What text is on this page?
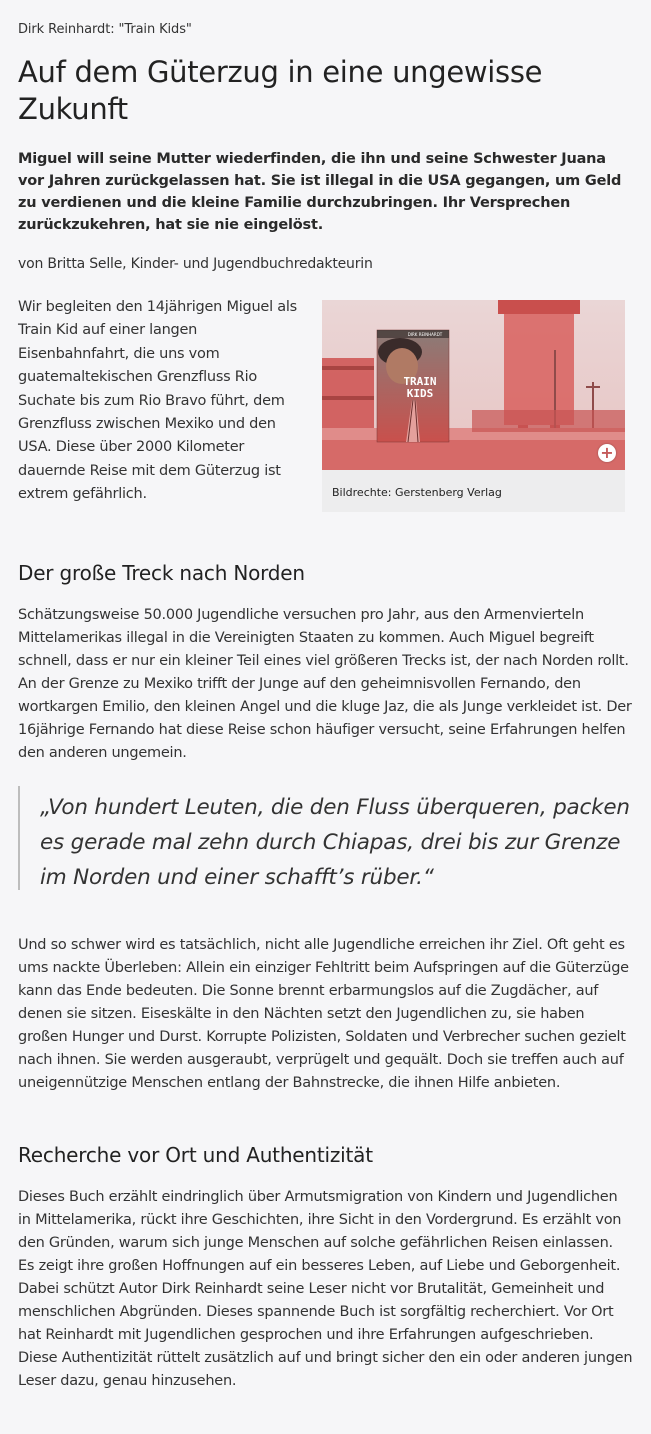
Dirk Reinhardt: "Train Kids"
Auf dem Güterzug in eine ungewisse Zukunft

Miguel will seine Mutter wiederfinden, die ihn und seine Schwester Juana vor Jahren zurückgelassen hat. Sie ist illegal in die USA gegangen, um Geld zu verdienen und die kleine Familie durchzubringen. Ihr Versprechen zurückzukehren, hat sie nie eingelöst.

von Britta Selle, Kinder- und Jugendbuchredakteurin

Wir begleiten den 14jährigen Miguel als Train Kid auf einer langen Eisenbahnfahrt, die uns vom guatemaltekischen Grenzfluss Rio Suchate bis zum Rio Bravo führt, dem Grenzfluss zwischen Mexiko und den USA. Diese über 2000 Kilometer dauernde Reise mit dem Güterzug ist extrem gefährlich.

DIRK REINHARDT
TRAIN
KIDS
+
Bildrechte: Gerstenberg Verlag
Der große Treck nach Norden

Schätzungsweise 50.000 Jugendliche versuchen pro Jahr, aus den Armenvierteln Mittelamerikas illegal in die Vereinigten Staaten zu kommen. Auch Miguel begreift schnell, dass er nur ein kleiner Teil eines viel größeren Trecks ist, der nach Norden rollt. An der Grenze zu Mexiko trifft der Junge auf den geheimnisvollen Fernando, den wortkargen Emilio, den kleinen Angel und die kluge Jaz, die als Junge verkleidet ist. Der 16jährige Fernando hat diese Reise schon häufiger versucht, seine Erfahrungen helfen den anderen ungemein.

„Von hundert Leuten, die den Fluss überqueren, packen es gerade mal zehn durch Chiapas, drei bis zur Grenze im Norden und einer schafft’s rüber.“

Und so schwer wird es tatsächlich, nicht alle Jugendliche erreichen ihr Ziel. Oft geht es ums nackte Überleben: Allein ein einziger Fehltritt beim Aufspringen auf die Güterzüge kann das Ende bedeuten. Die Sonne brennt erbarmungslos auf die Zugdächer, auf denen sie sitzen. Eiseskälte in den Nächten setzt den Jugendlichen zu, sie haben großen Hunger und Durst. Korrupte Polizisten, Soldaten und Verbrecher suchen gezielt nach ihnen. Sie werden ausgeraubt, verprügelt und gequält. Doch sie treffen auch auf uneigennützige Menschen entlang der Bahnstrecke, die ihnen Hilfe anbieten.

Recherche vor Ort und Authentizität

Dieses Buch erzählt eindringlich über Armutsmigration von Kindern und Jugendlichen in Mittelamerika, rückt ihre Geschichten, ihre Sicht in den Vordergrund. Es erzählt von den Gründen, warum sich junge Menschen auf solche gefährlichen Reisen einlassen. Es zeigt ihre großen Hoffnungen auf ein besseres Leben, auf Liebe und Geborgenheit. Dabei schützt Autor Dirk Reinhardt seine Leser nicht vor Brutalität, Gemeinheit und menschlichen Abgründen. Dieses spannende Buch ist sorgfältig recherchiert. Vor Ort hat Reinhardt mit Jugendlichen gesprochen und ihre Erfahrungen aufgeschrieben. Diese Authentizität rüttelt zusätzlich auf und bringt sicher den ein oder anderen jungen Leser dazu, genau hinzusehen.
